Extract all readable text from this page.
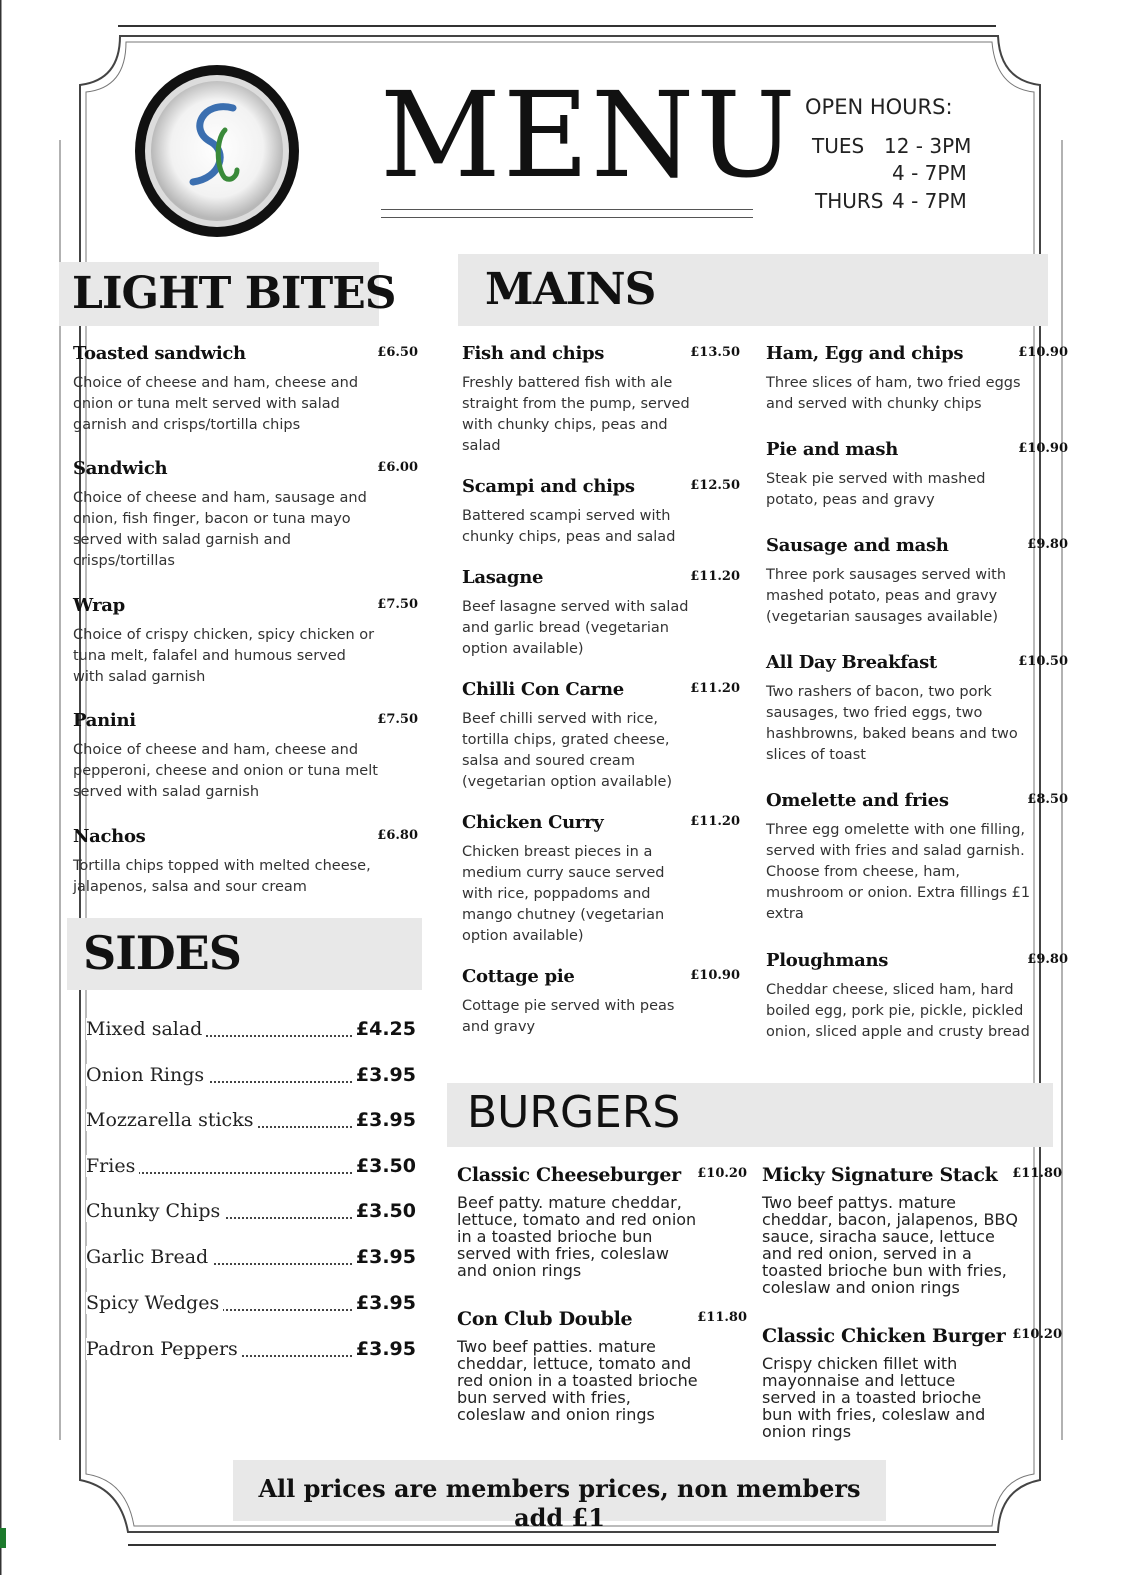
MENU OPEN HOURS:
TUES 12 - 3PM
4 - 7PM
THURS 4 - 7PM
LIGHT BITES
Toasted sandwich	£6.50
Choice of cheese and ham, cheese and onion or tuna melt served with salad garnish and crisps/tortilla chips
Sandwich	£6.00
Choice of cheese and ham, sausage and onion, fish finger, bacon or tuna mayo served with salad garnish and crisps/tortillas
Wrap	£7.50
Choice of crispy chicken, spicy chicken or tuna melt, falafel and humous served with salad garnish
Panini	£7.50
Choice of cheese and ham, cheese and pepperoni, cheese and onion or tuna melt served with salad garnish
Nachos	£6.80
Tortilla chips topped with melted cheese, jalapenos, salsa and sour cream
SIDES
Mixed salad	£4.25
Onion Rings	£3.95
Mozzarella sticks	£3.95
Fries	£3.50
Chunky Chips	£3.50
Garlic Bread	£3.95
Spicy Wedges	£3.95
Padron Peppers	£3.95
MAINS
Fish and chips	£13.50
Freshly battered fish with ale straight from the pump, served with chunky chips, peas and salad
Scampi and chips	£12.50
Battered scampi served with chunky chips, peas and salad
Lasagne	£11.20
Beef lasagne served with salad and garlic bread (vegetarian option available)
Chilli Con Carne	£11.20
Beef chilli served with rice, tortilla chips, grated cheese, salsa and soured cream (vegetarian option available)
Chicken Curry	£11.20
Chicken breast pieces in a medium curry sauce served with rice, poppadoms and mango chutney (vegetarian option available)
Cottage pie	£10.90
Cottage pie served with peas and gravy
Ham, Egg and chips	£10.90
Three slices of ham, two fried eggs and served with chunky chips
Pie and mash	£10.90
Steak pie served with mashed potato, peas and gravy
Sausage and mash	£9.80
Three pork sausages served with mashed potato, peas and gravy (vegetarian sausages available)
All Day Breakfast	£10.50
Two rashers of bacon, two pork sausages, two fried eggs, two hashbrowns, baked beans and two slices of toast
Omelette and fries	£8.50
Three egg omelette with one filling, served with fries and salad garnish. Choose from cheese, ham, mushroom or onion. Extra fillings £1 extra
Ploughmans	£9.80
Cheddar cheese, sliced ham, hard boiled egg, pork pie, pickle, pickled onion, sliced apple and crusty bread
BURGERS
Classic Cheeseburger £10.20
Beef patty. mature cheddar, lettuce, tomato and red onion in a toasted brioche bun served with fries, coleslaw and onion rings
Micky Signature Stack £11.80
Two beef pattys. mature cheddar, bacon, jalapenos, BBQ sauce, siracha sauce, lettuce and red onion, served in a toasted brioche bun with fries, coleslaw and onion rings
Con Club Double	£11.80
Two beef patties. mature cheddar, lettuce, tomato and red onion in a toasted brioche bun served with fries, coleslaw and onion rings
Classic Chicken Burger £10.20
Crispy chicken fillet with mayonnaise and lettuce served in a toasted brioche bun with fries, coleslaw and onion rings
All prices are members prices, non members add £1
